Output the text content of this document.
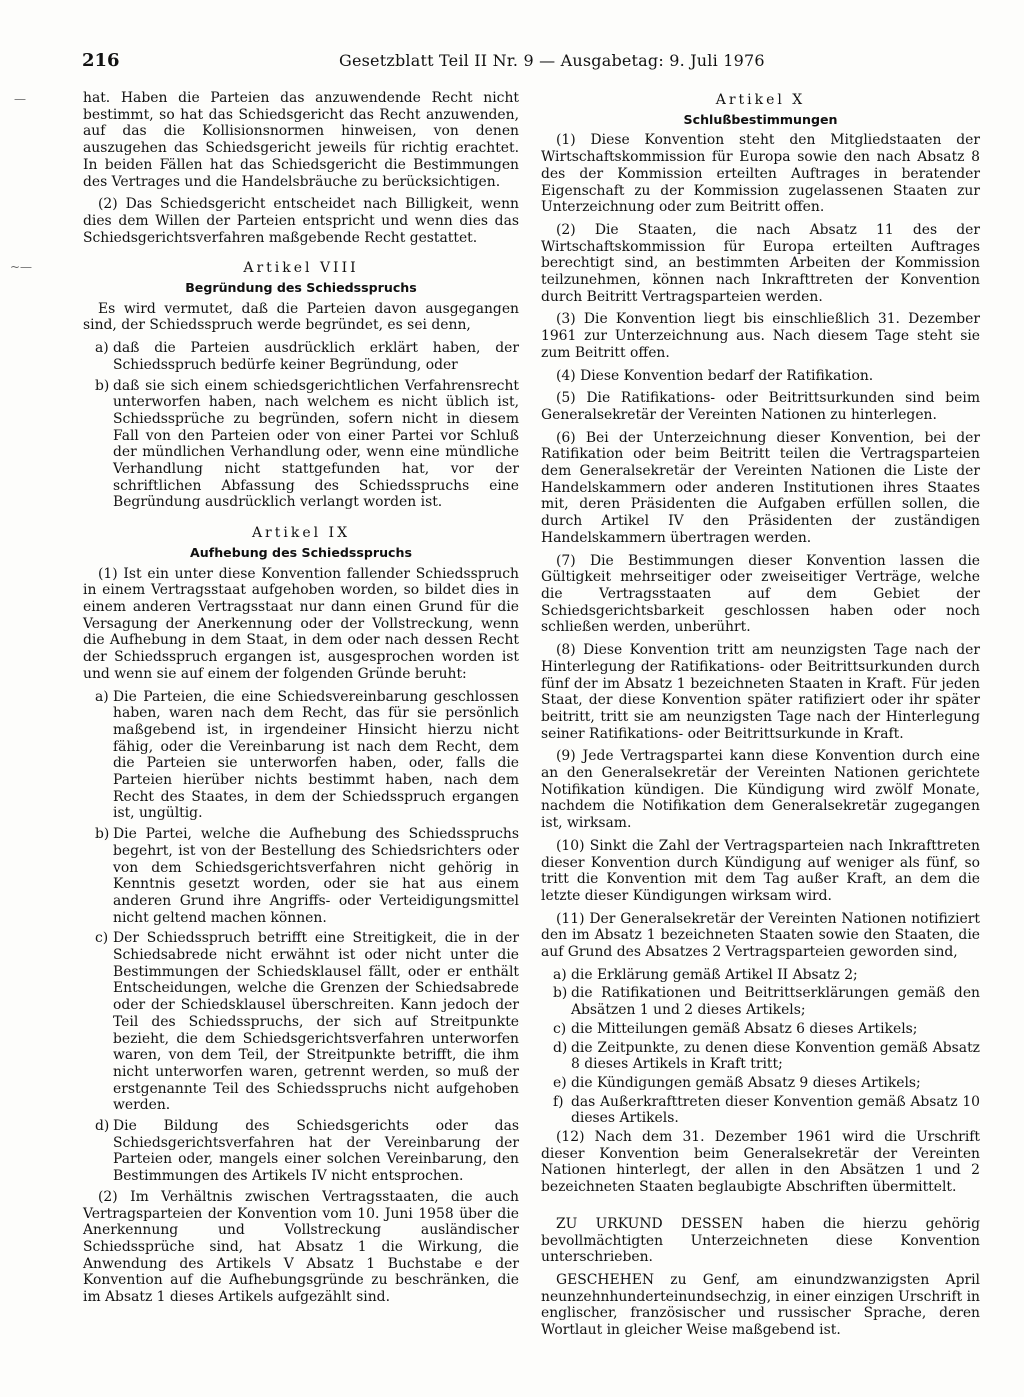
216	Gesetzblatt Teil II Nr. 9 — Ausgabetag: 9. Juli 1976
—
~—

hat. Haben die Parteien das anzuwendende Recht nicht bestimmt, so hat das Schiedsgericht das Recht anzuwenden, auf das die Kollisionsnormen hinweisen, von denen auszugehen das Schiedsgericht jeweils für richtig erachtet. In beiden Fällen hat das Schiedsgericht die Bestimmungen des Vertrages und die Handelsbräuche zu berücksichtigen.

(2) Das Schiedsgericht entscheidet nach Billigkeit, wenn dies dem Willen der Parteien entspricht und wenn dies das Schiedsgerichtsverfahren maßgebende Recht gestattet.

Artikel VIII
Begründung des Schiedsspruchs

Es wird vermutet, daß die Parteien davon ausgegangen sind, der Schiedsspruch werde begründet, es sei denn,

a) daß die Parteien ausdrücklich erklärt haben, der Schiedsspruch bedürfe keiner Begründung, oder
b) daß sie sich einem schiedsgerichtlichen Verfahrensrecht unterworfen haben, nach welchem es nicht üblich ist, Schiedssprüche zu begründen, sofern nicht in diesem Fall von den Parteien oder von einer Partei vor Schluß der mündlichen Verhandlung oder, wenn eine mündliche Verhandlung nicht stattgefunden hat, vor der schriftlichen Abfassung des Schiedsspruchs eine Begründung ausdrücklich verlangt worden ist.
Artikel IX
Aufhebung des Schiedsspruchs

(1) Ist ein unter diese Konvention fallender Schiedsspruch in einem Vertragsstaat aufgehoben worden, so bildet dies in einem anderen Vertragsstaat nur dann einen Grund für die Versagung der Anerkennung oder der Vollstreckung, wenn die Aufhebung in dem Staat, in dem oder nach dessen Recht der Schiedsspruch ergangen ist, ausgesprochen worden ist und wenn sie auf einem der folgenden Gründe beruht:

a) Die Parteien, die eine Schiedsvereinbarung geschlossen haben, waren nach dem Recht, das für sie persönlich maßgebend ist, in irgendeiner Hinsicht hierzu nicht fähig, oder die Vereinbarung ist nach dem Recht, dem die Parteien sie unterworfen haben, oder, falls die Parteien hierüber nichts bestimmt haben, nach dem Recht des Staates, in dem der Schiedsspruch ergangen ist, ungültig.
b) Die Partei, welche die Aufhebung des Schiedsspruchs begehrt, ist von der Bestellung des Schiedsrichters oder von dem Schiedsgerichtsverfahren nicht gehörig in Kenntnis gesetzt worden, oder sie hat aus einem anderen Grund ihre Angriffs- oder Verteidigungsmittel nicht geltend machen können.
c) Der Schiedsspruch betrifft eine Streitigkeit, die in der Schiedsabrede nicht erwähnt ist oder nicht unter die Bestimmungen der Schiedsklausel fällt, oder er enthält Entscheidungen, welche die Grenzen der Schiedsabrede oder der Schiedsklausel überschreiten. Kann jedoch der Teil des Schiedsspruchs, der sich auf Streitpunkte bezieht, die dem Schiedsgerichtsverfahren unterworfen waren, von dem Teil, der Streitpunkte betrifft, die ihm nicht unterworfen waren, getrennt werden, so muß der erstgenannte Teil des Schiedsspruchs nicht aufgehoben werden.
d) Die Bildung des Schiedsgerichts oder das Schiedsgerichtsverfahren hat der Vereinbarung der Parteien oder, mangels einer solchen Vereinbarung, den Bestimmungen des Artikels IV nicht entsprochen.

(2) Im Verhältnis zwischen Vertragsstaaten, die auch Vertragsparteien der Konvention vom 10. Juni 1958 über die Anerkennung und Vollstreckung ausländischer Schiedssprüche sind, hat Absatz 1 die Wirkung, die Anwendung des Artikels V Absatz 1 Buchstabe e der Konvention auf die Aufhebungsgründe zu beschränken, die im Absatz 1 dieses Artikels aufgezählt sind.

Artikel X
Schlußbestimmungen

(1) Diese Konvention steht den Mitgliedstaaten der Wirtschaftskommission für Europa sowie den nach Absatz 8 des der Kommission erteilten Auftrages in beratender Eigenschaft zu der Kommission zugelassenen Staaten zur Unterzeichnung oder zum Beitritt offen.

(2) Die Staaten, die nach Absatz 11 des der Wirtschaftskommission für Europa erteilten Auftrages berechtigt sind, an bestimmten Arbeiten der Kommission teilzunehmen, können nach Inkrafttreten der Konvention durch Beitritt Vertragsparteien werden.

(3) Die Konvention liegt bis einschließlich 31. Dezember 1961 zur Unterzeichnung aus. Nach diesem Tage steht sie zum Beitritt offen.

(4) Diese Konvention bedarf der Ratifikation.

(5) Die Ratifikations- oder Beitrittsurkunden sind beim Generalsekretär der Vereinten Nationen zu hinterlegen.

(6) Bei der Unterzeichnung dieser Konvention, bei der Ratifikation oder beim Beitritt teilen die Vertragsparteien dem Generalsekretär der Vereinten Nationen die Liste der Handelskammern oder anderen Institutionen ihres Staates mit, deren Präsidenten die Aufgaben erfüllen sollen, die durch Artikel IV den Präsidenten der zuständigen Handelskammern übertragen werden.

(7) Die Bestimmungen dieser Konvention lassen die Gültigkeit mehrseitiger oder zweiseitiger Verträge, welche die Vertragsstaaten auf dem Gebiet der Schiedsgerichtsbarkeit geschlossen haben oder noch schließen werden, unberührt.

(8) Diese Konvention tritt am neunzigsten Tage nach der Hinterlegung der Ratifikations- oder Beitrittsurkunden durch fünf der im Absatz 1 bezeichneten Staaten in Kraft. Für jeden Staat, der diese Konvention später ratifiziert oder ihr später beitritt, tritt sie am neunzigsten Tage nach der Hinterlegung seiner Ratifikations- oder Beitrittsurkunde in Kraft.

(9) Jede Vertragspartei kann diese Konvention durch eine an den Generalsekretär der Vereinten Nationen gerichtete Notifikation kündigen. Die Kündigung wird zwölf Monate, nachdem die Notifikation dem Generalsekretär zugegangen ist, wirksam.

(10) Sinkt die Zahl der Vertragsparteien nach Inkrafttreten dieser Konvention durch Kündigung auf weniger als fünf, so tritt die Konvention mit dem Tag außer Kraft, an dem die letzte dieser Kündigungen wirksam wird.

(11) Der Generalsekretär der Vereinten Nationen notifiziert den im Absatz 1 bezeichneten Staaten sowie den Staaten, die auf Grund des Absatzes 2 Vertragsparteien geworden sind,

a) die Erklärung gemäß Artikel II Absatz 2;
b) die Ratifikationen und Beitrittserklärungen gemäß den Absätzen 1 und 2 dieses Artikels;
c) die Mitteilungen gemäß Absatz 6 dieses Artikels;
d) die Zeitpunkte, zu denen diese Konvention gemäß Absatz 8 dieses Artikels in Kraft tritt;
e) die Kündigungen gemäß Absatz 9 dieses Artikels;
f) das Außerkrafttreten dieser Konvention gemäß Absatz 10 dieses Artikels.

(12) Nach dem 31. Dezember 1961 wird die Urschrift dieser Konvention beim Generalsekretär der Vereinten Nationen hinterlegt, der allen in den Absätzen 1 und 2 bezeichneten Staaten beglaubigte Abschriften übermittelt.

ZU URKUND DESSEN haben die hierzu gehörig bevollmächtigten Unterzeichneten diese Konvention unterschrieben.

GESCHEHEN zu Genf, am einundzwanzigsten April neunzehnhunderteinundsechzig, in einer einzigen Urschrift in englischer, französischer und russischer Sprache, deren Wortlaut in gleicher Weise maßgebend ist.
